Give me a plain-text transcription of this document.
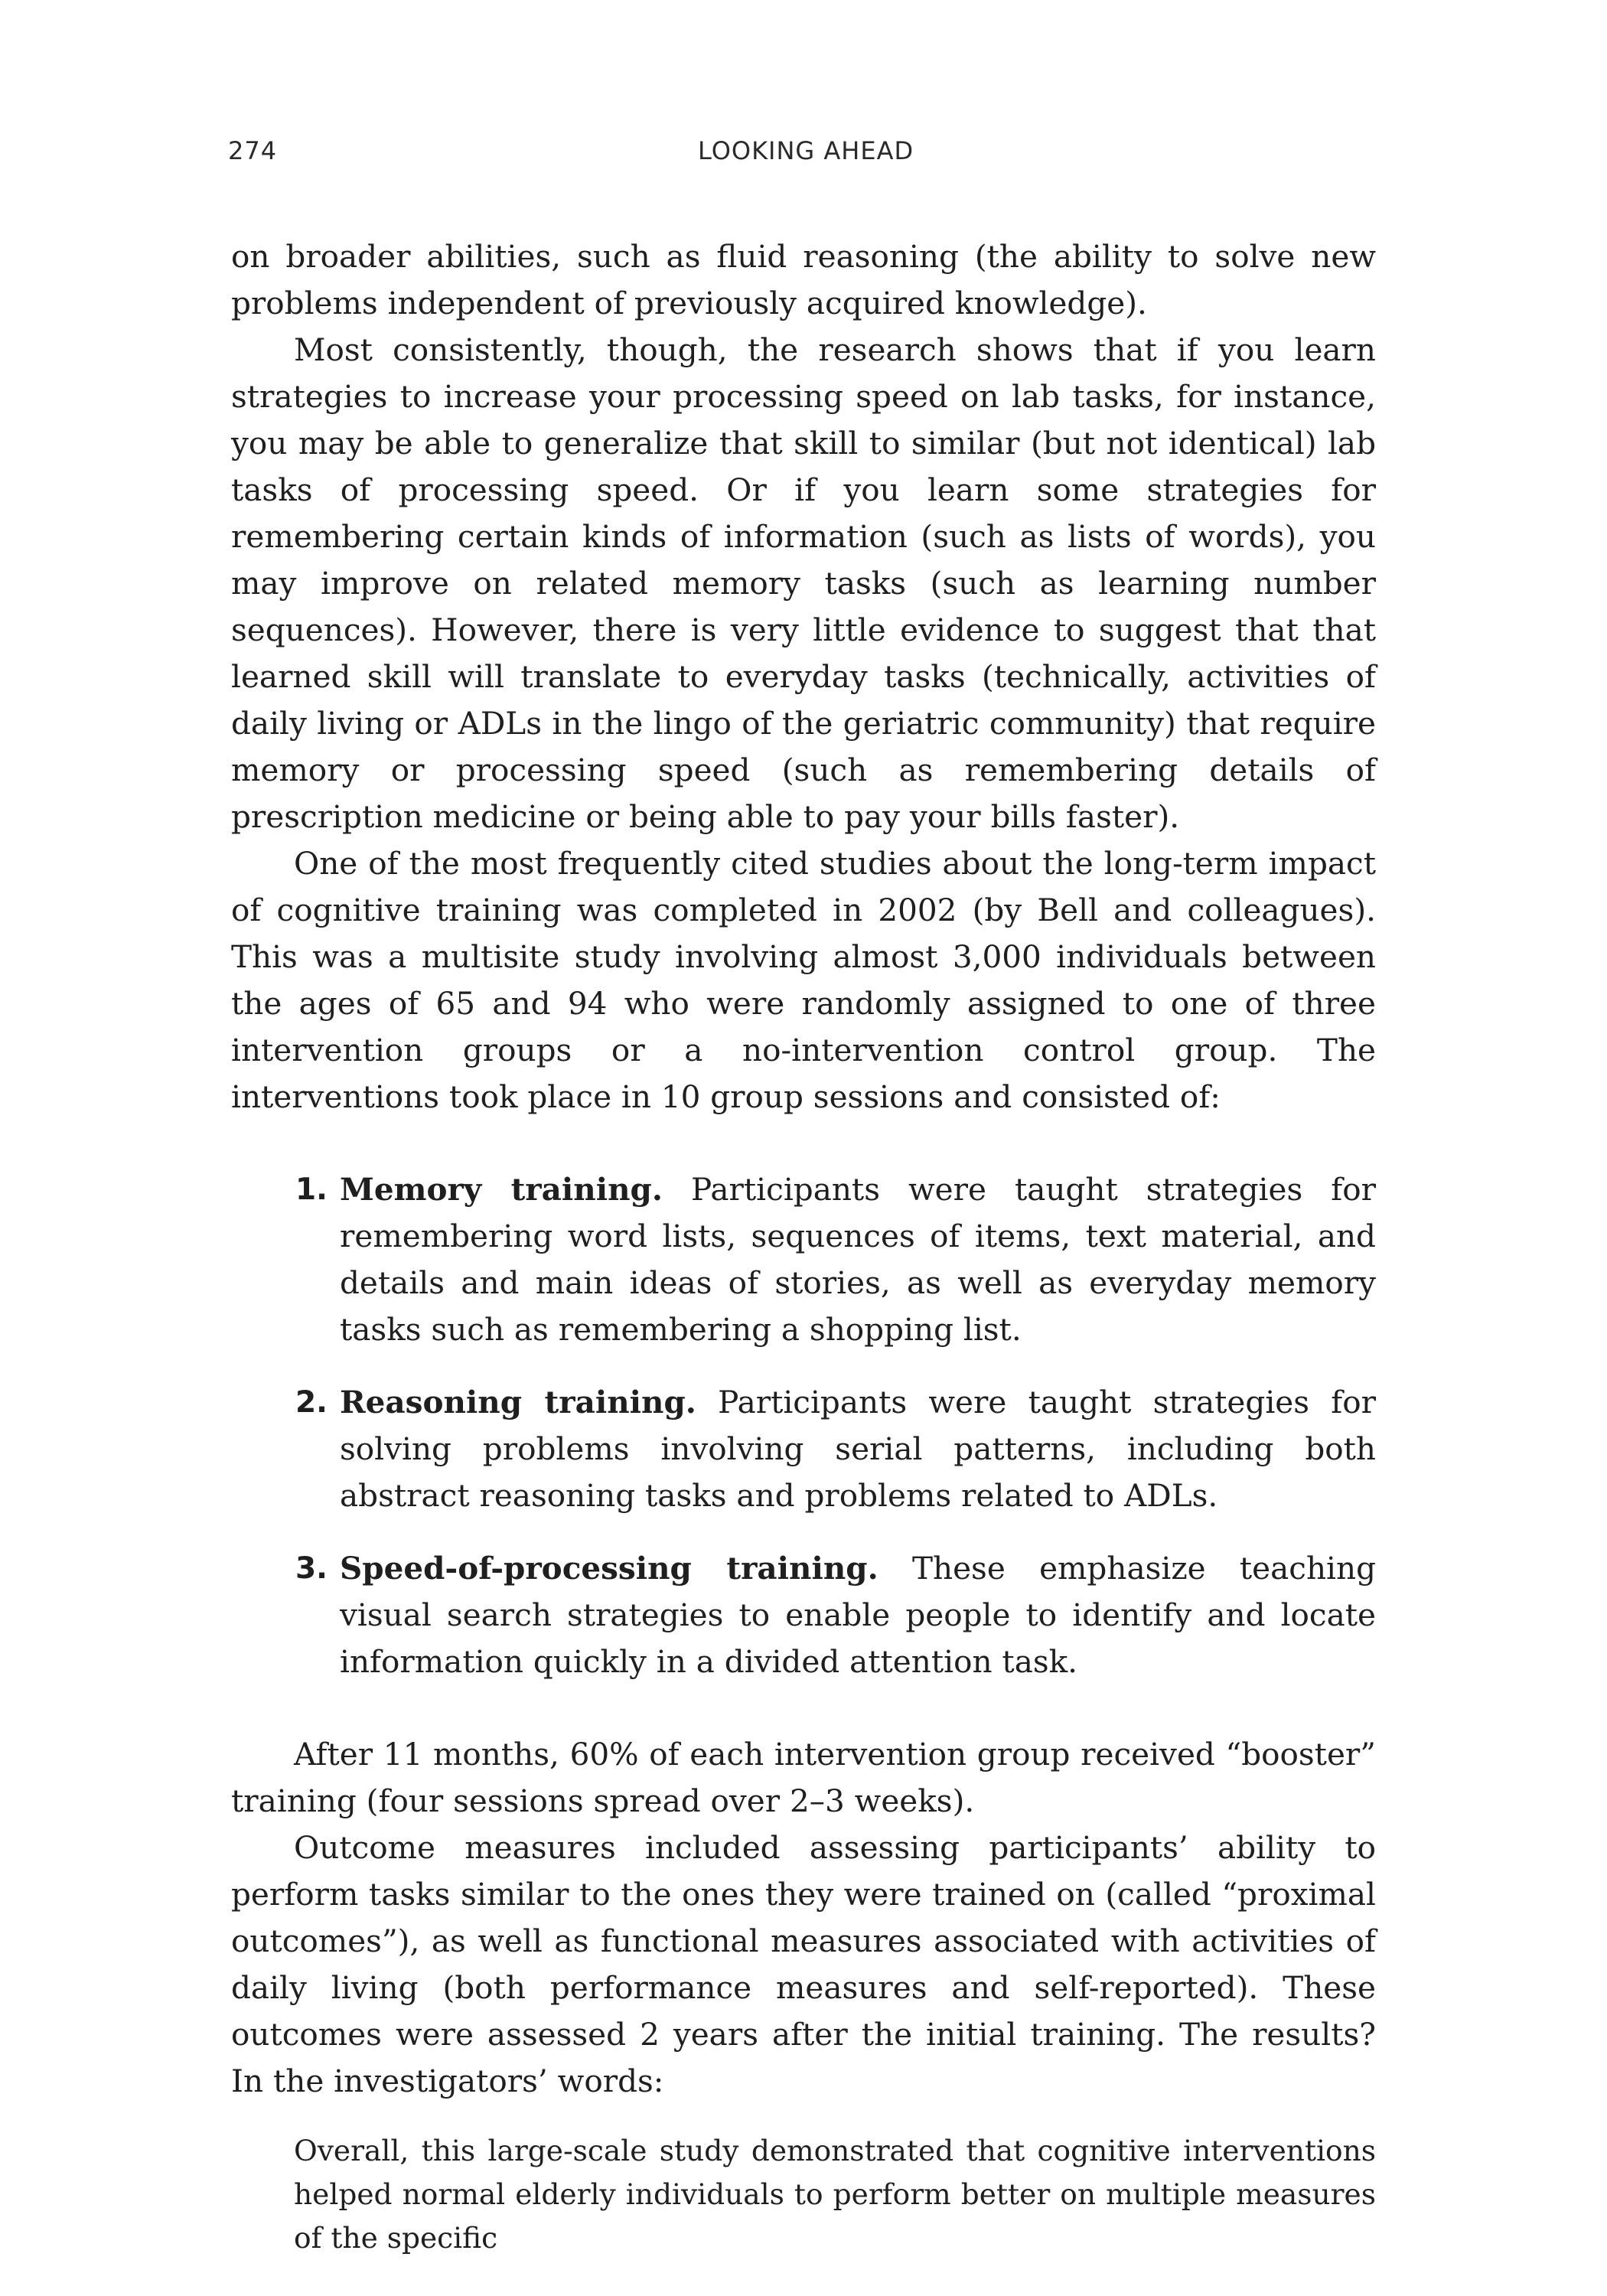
274	LOOKING AHEAD

on broader abilities, such as fluid reasoning (the ability to solve new problems independent of previously acquired knowledge).

Most consistently, though, the research shows that if you learn strategies to increase your processing speed on lab tasks, for instance, you may be able to generalize that skill to similar (but not identical) lab tasks of processing speed. Or if you learn some strategies for remembering certain kinds of information (such as lists of words), you may improve on related memory tasks (such as learning number sequences). However, there is very little evidence to suggest that that learned skill will translate to everyday tasks (technically, activities of daily living or ADLs in the lingo of the geriatric community) that require memory or processing speed (such as remembering details of prescription medicine or being able to pay your bills faster).

One of the most frequently cited studies about the long-term impact of cognitive training was completed in 2002 (by Bell and colleagues). This was a multisite study involving almost 3,000 individuals between the ages of 65 and 94 who were randomly assigned to one of three intervention groups or a no-intervention control group. The interventions took place in 10 group sessions and consisted of:

1. Memory training. Participants were taught strategies for remembering word lists, sequences of items, text material, and details and main ideas of stories, as well as everyday memory tasks such as remembering a shopping list.
2. Reasoning training. Participants were taught strategies for solving problems involving serial patterns, including both abstract reasoning tasks and problems related to ADLs.
3. Speed-of-processing training. These emphasize teaching visual search strategies to enable people to identify and locate information quickly in a divided attention task.

After 11 months, 60% of each intervention group received “booster” training (four sessions spread over 2–3 weeks).

Outcome measures included assessing participants’ ability to perform tasks similar to the ones they were trained on (called “proximal outcomes”), as well as functional measures associated with activities of daily living (both performance measures and self-reported). These outcomes were assessed 2 years after the initial training. The results? In the investigators’ words:

Overall, this large-scale study demonstrated that cognitive interventions helped normal elderly individuals to perform better on multiple measures of the specific
